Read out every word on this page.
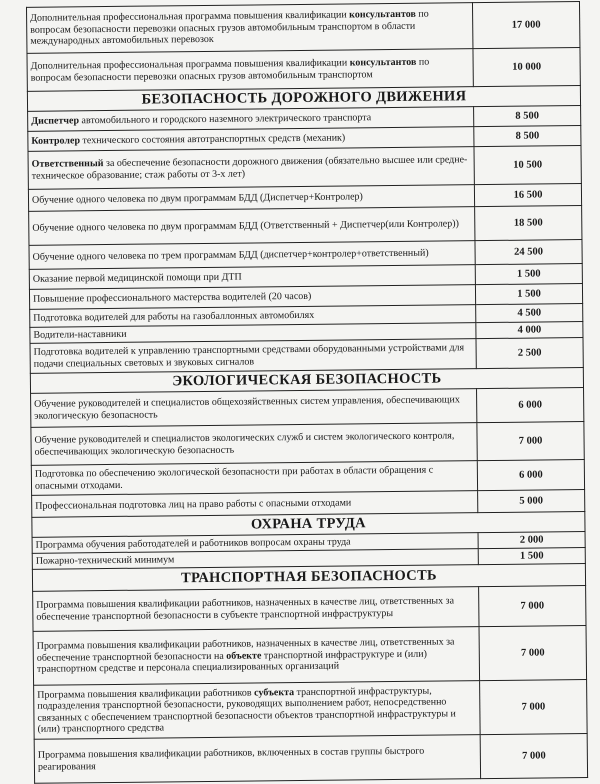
Дополнительная профессиональная программа повышения квалификации консультантов по вопросам безопасности перевозки опасных грузов автомобильным транспортом в области международных автомобильных перевозок	17 000
Дополнительная профессиональная программа повышения квалификации консультантов по вопросам безопасности перевозки опасных грузов автомобильным транспортом	10 000
БЕЗОПАСНОСТЬ ДОРОЖНОГО ДВИЖЕНИЯ	
Диспетчер автомобильного и городского наземного электрического транспорта	8 500
Контролер технического состояния автотранспортных средств (механик)	8 500
Ответственный за обеспечение безопасности дорожного движения (обязательно высшее или средне-техническое образование; стаж работы от 3-х лет)	10 500
Обучение одного человека по двум программам БДД (Диспетчер+Контролер)	16 500
Обучение одного человека по двум программам БДД (Ответственный + Диспетчер(или Контролер))	18 500
Обучение одного человека по трем программам БДД (диспетчер+контролер+ответственный)	24 500
Оказание первой медицинской помощи при ДТП	1 500
Повышение профессионального мастерства водителей (20 часов)	1 500
Подготовка водителей для работы на газобаллонных автомобилях	4 500
Водители-наставники	4 000
Подготовка водителей к управлению транспортными средствами оборудованными устройствами для подачи специальных световых и звуковых сигналов	2 500
ЭКОЛОГИЧЕСКАЯ БЕЗОПАСНОСТЬ	
Обучение руководителей и специалистов общехозяйственных систем управления, обеспечивающих экологическую безопасность	6 000
Обучение руководителей и специалистов экологических служб и систем экологического контроля, обеспечивающих экологическую безопасность	7 000
Подготовка по обеспечению экологической безопасности при работах в области обращения с опасными отходами.	6 000
Профессиональная подготовка лиц на право работы с опасными отходами	5 000
ОХРАНА ТРУДА	
Программа обучения работодателей и работников вопросам охраны труда	2 000
Пожарно-технический минимум	1 500
ТРАНСПОРТНАЯ БЕЗОПАСНОСТЬ	
Программа повышения квалификации работников, назначенных в качестве лиц, ответственных за обеспечение транспортной безопасности в субъекте транспортной инфраструктуры	7 000
Программа повышения квалификации работников, назначенных в качестве лиц, ответственных за обеспечение транспортной безопасности на объекте транспортной инфраструктуре и (или) транспортном средстве и персонала специализированных организаций	7 000
Программа повышения квалификации работников субъекта транспортной инфраструктуры, подразделения транспортной безопасности, руководящих выполнением работ, непосредственно связанных с обеспечением транспортной безопасности объектов транспортной инфраструктуры и (или) транспортного средства	7 000
Программа повышения квалификации работников, включенных в состав группы быстрого реагирования	7 000
